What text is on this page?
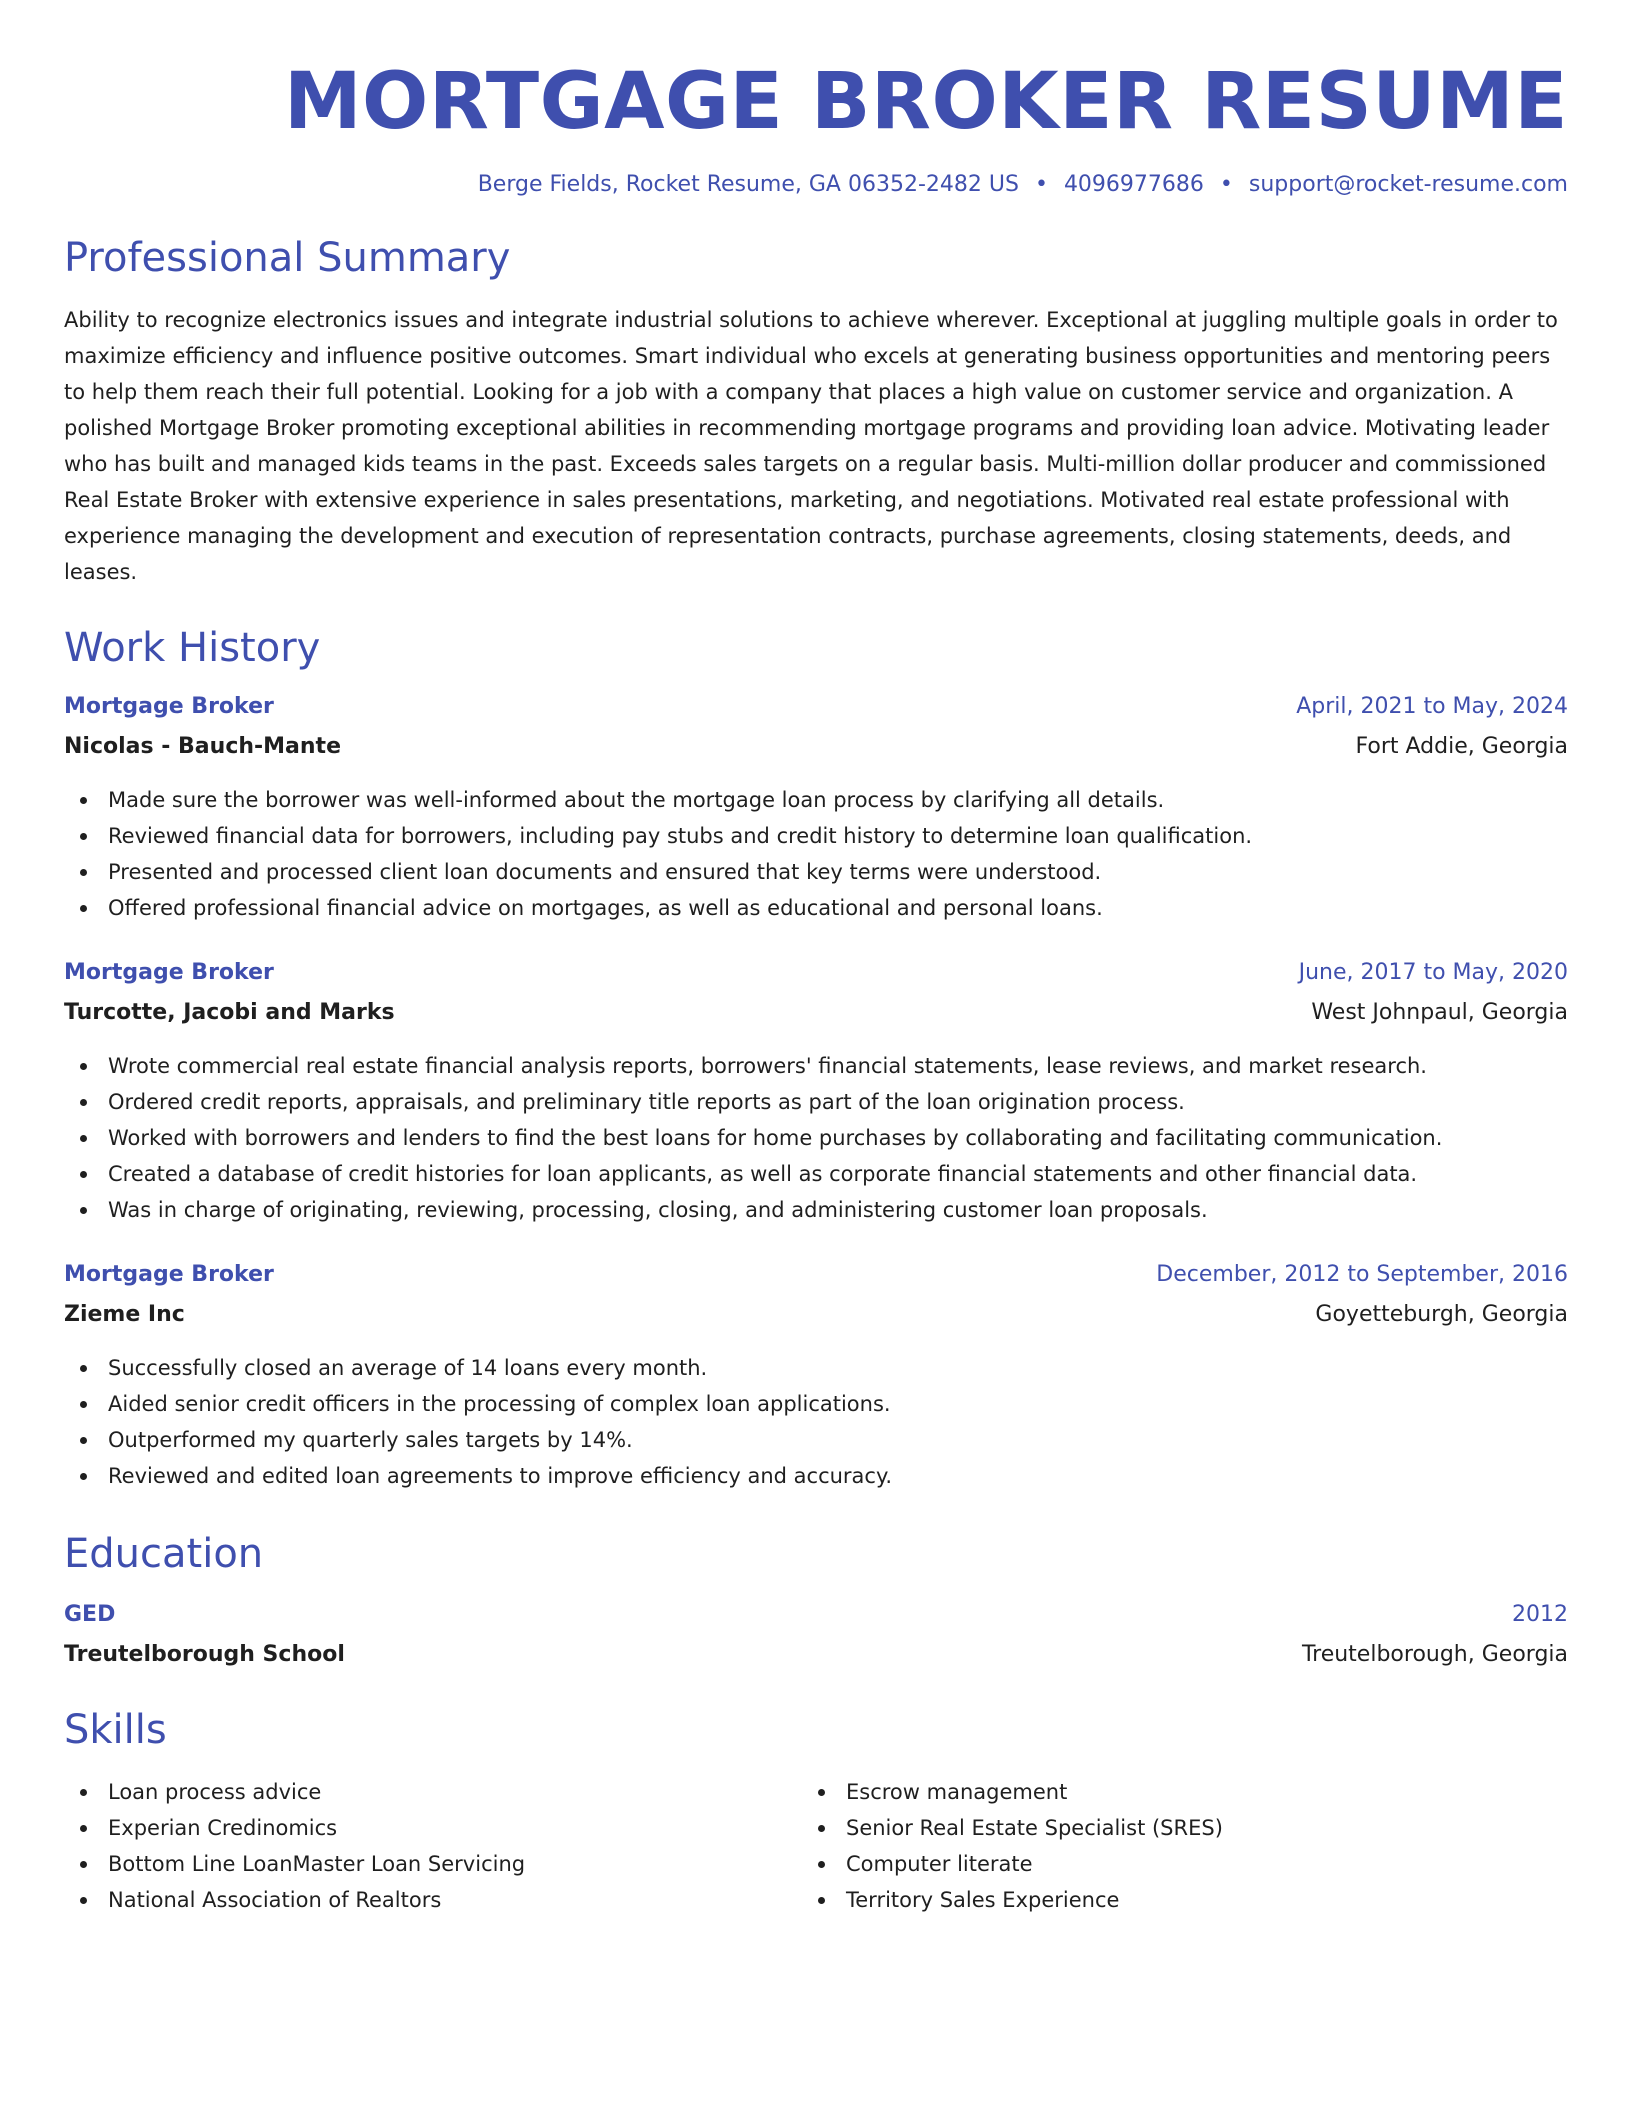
MORTGAGE BROKER RESUME
Berge Fields, Rocket Resume, GA 06352-2482 US • 4096977686 • support@rocket-resume.com
Professional Summary

Ability to recognize electronics issues and integrate industrial solutions to achieve wherever. Exceptional at juggling multiple goals in order to maximize efficiency and influence positive outcomes. Smart individual who excels at generating business opportunities and mentoring peers to help them reach their full potential. Looking for a job with a company that places a high value on customer service and organization. A polished Mortgage Broker promoting exceptional abilities in recommending mortgage programs and providing loan advice. Motivating leader who has built and managed kids teams in the past. Exceeds sales targets on a regular basis. Multi-million dollar producer and commissioned Real Estate Broker with extensive experience in sales presentations, marketing, and negotiations. Motivated real estate professional with experience managing the development and execution of representation contracts, purchase agreements, closing statements, deeds, and leases.

Work History
Mortgage Broker	April, 2021 to May, 2024
Nicolas - Bauch-Mante	Fort Addie, Georgia
Made sure the borrower was well-informed about the mortgage loan process by clarifying all details.
Reviewed financial data for borrowers, including pay stubs and credit history to determine loan qualification.
Presented and processed client loan documents and ensured that key terms were understood.
Offered professional financial advice on mortgages, as well as educational and personal loans.
Mortgage Broker	June, 2017 to May, 2020
Turcotte, Jacobi and Marks	West Johnpaul, Georgia
Wrote commercial real estate financial analysis reports, borrowers' financial statements, lease reviews, and market research.
Ordered credit reports, appraisals, and preliminary title reports as part of the loan origination process.
Worked with borrowers and lenders to find the best loans for home purchases by collaborating and facilitating communication.
Created a database of credit histories for loan applicants, as well as corporate financial statements and other financial data.
Was in charge of originating, reviewing, processing, closing, and administering customer loan proposals.
Mortgage Broker	December, 2012 to September, 2016
Zieme Inc	Goyetteburgh, Georgia
Successfully closed an average of 14 loans every month.
Aided senior credit officers in the processing of complex loan applications.
Outperformed my quarterly sales targets by 14%.
Reviewed and edited loan agreements to improve efficiency and accuracy.
Education
GED	2012
Treutelborough School	Treutelborough, Georgia
Skills
Loan process advice
Experian Credinomics
Bottom Line LoanMaster Loan Servicing
National Association of Realtors
Escrow management
Senior Real Estate Specialist (SRES)
Computer literate
Territory Sales Experience
